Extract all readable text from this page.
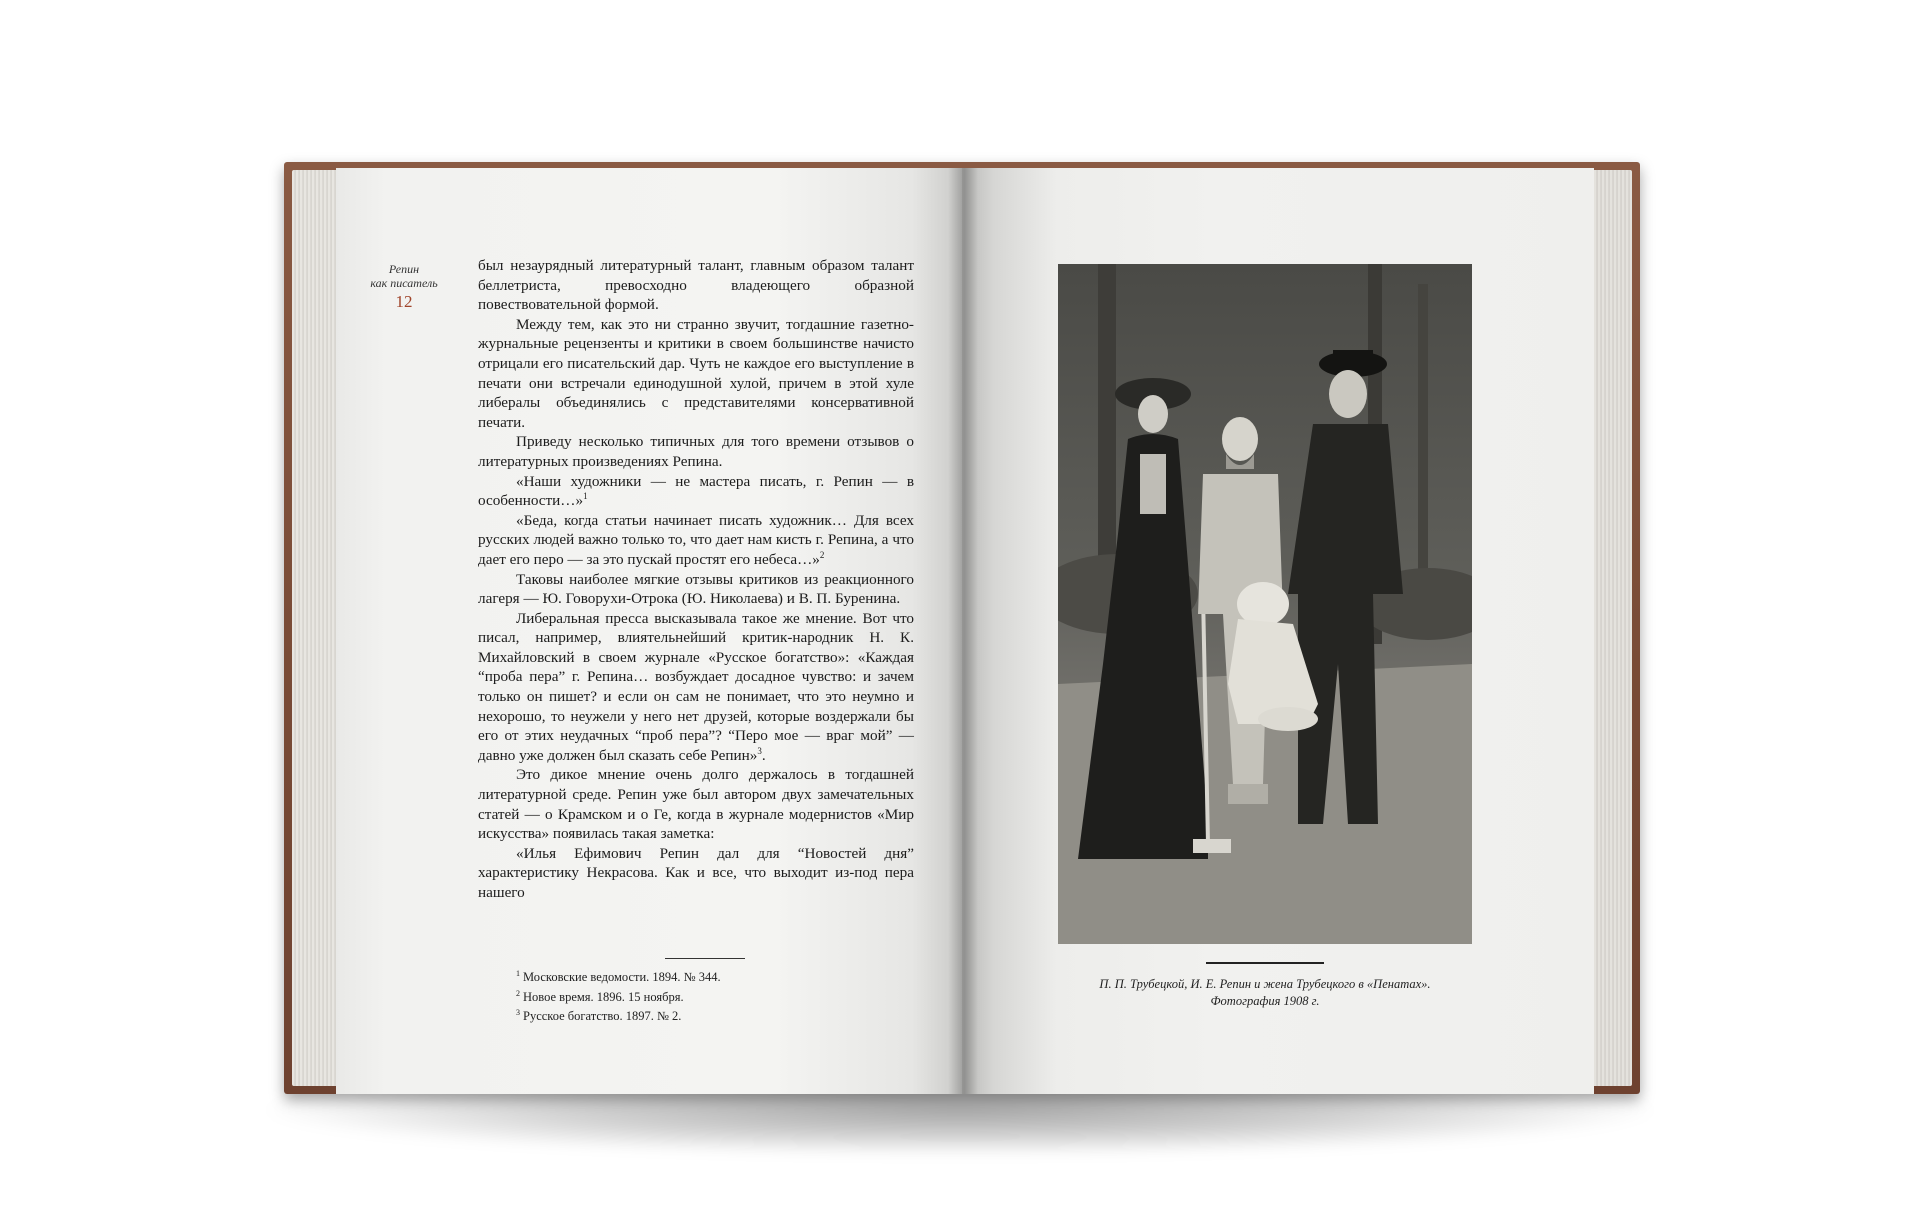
Репин
как писатель
12

был незаурядный литературный талант, главным образом талант беллетриста, превосходно владеющего образной повествовательной формой.

Между тем, как это ни странно звучит, тогдашние газетно-журнальные рецензенты и критики в своем большинстве начисто отрицали его писательский дар. Чуть не каждое его выступление в печати они встречали единодушной хулой, причем в этой хуле либералы объединялись с представителями консервативной печати.

Приведу несколько типичных для того времени отзывов о литературных произведениях Репина.

«Наши художники — не мастера писать, г. Репин — в особенности…»$^1$

«Беда, когда статьи начинает писать художник… Для всех русских людей важно только то, что дает нам кисть г. Репина, а что дает его перо — за это пускай простят его небеса…»$^2$

Таковы наиболее мягкие отзывы критиков из реакционного лагеря — Ю. Говорухи-Отрока (Ю. Николаева) и В. П. Буренина.

Либеральная пресса высказывала такое же мнение. Вот что писал, например, влиятельнейший критик-народник Н. К. Михайловский в своем журнале «Русское богатство»: «Каждая “проба пера” г. Репина… возбуждает досадное чувство: и зачем только он пишет? и если он сам не понимает, что это неумно и нехорошо, то неужели у него нет друзей, которые воздержали бы его от этих неудачных “проб пера”? “Перо мое — враг мой” — давно уже должен был сказать себе Репин»$^3$.

Это дикое мнение очень долго держалось в тогдашней литературной среде. Репин уже был автором двух замечательных статей — о Крамском и о Ге, когда в журнале модернистов «Мир искусства» появилась такая заметка:

«Илья Ефимович Репин дал для “Новостей дня” характеристику Некрасова. Как и все, что выходит из-под пера нашего

$^1$ Московские ведомости. 1894. № 344.
$^2$ Новое время. 1896. 15 ноября.
$^3$ Русское богатство. 1897. № 2.
П. П. Трубецкой, И. Е. Репин и жена Трубецкого в «Пенатах».
Фотография 1908 г.
